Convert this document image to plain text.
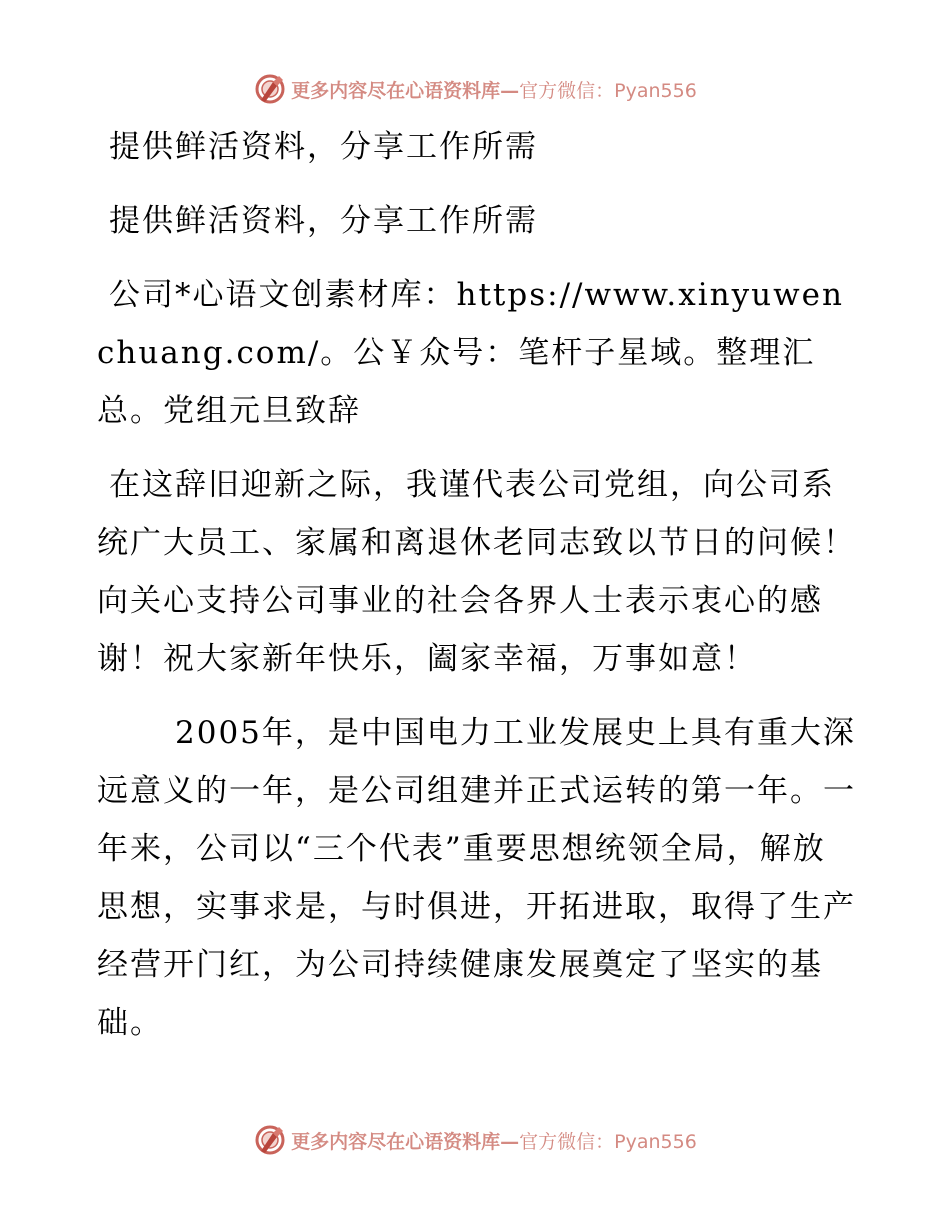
更多内容尽在心语资料库— 官方微信：Pyan556

提供鲜活资料，分享工作所需

提供鲜活资料，分享工作所需

公司*心语文创素材库：https://www.xinyuwenchuang.com/。公￥众号：笔杆子星域。整理汇总。党组元旦致辞

在这辞旧迎新之际，我谨代表公司党组，向公司系统广大员工、家属和离退休老同志致以节日的问候！向关心支持公司事业的社会各界人士表示衷心的感谢！祝大家新年快乐，阖家幸福，万事如意！

2005年，是中国电力工业发展史上具有重大深远意义的一年，是公司组建并正式运转的第一年。一年来，公司以“三个代表”重要思想统领全局，解放思想，实事求是，与时俱进，开拓进取，取得了生产经营开门红，为公司持续健康发展奠定了坚实的基础。

更多内容尽在心语资料库— 官方微信：Pyan556
